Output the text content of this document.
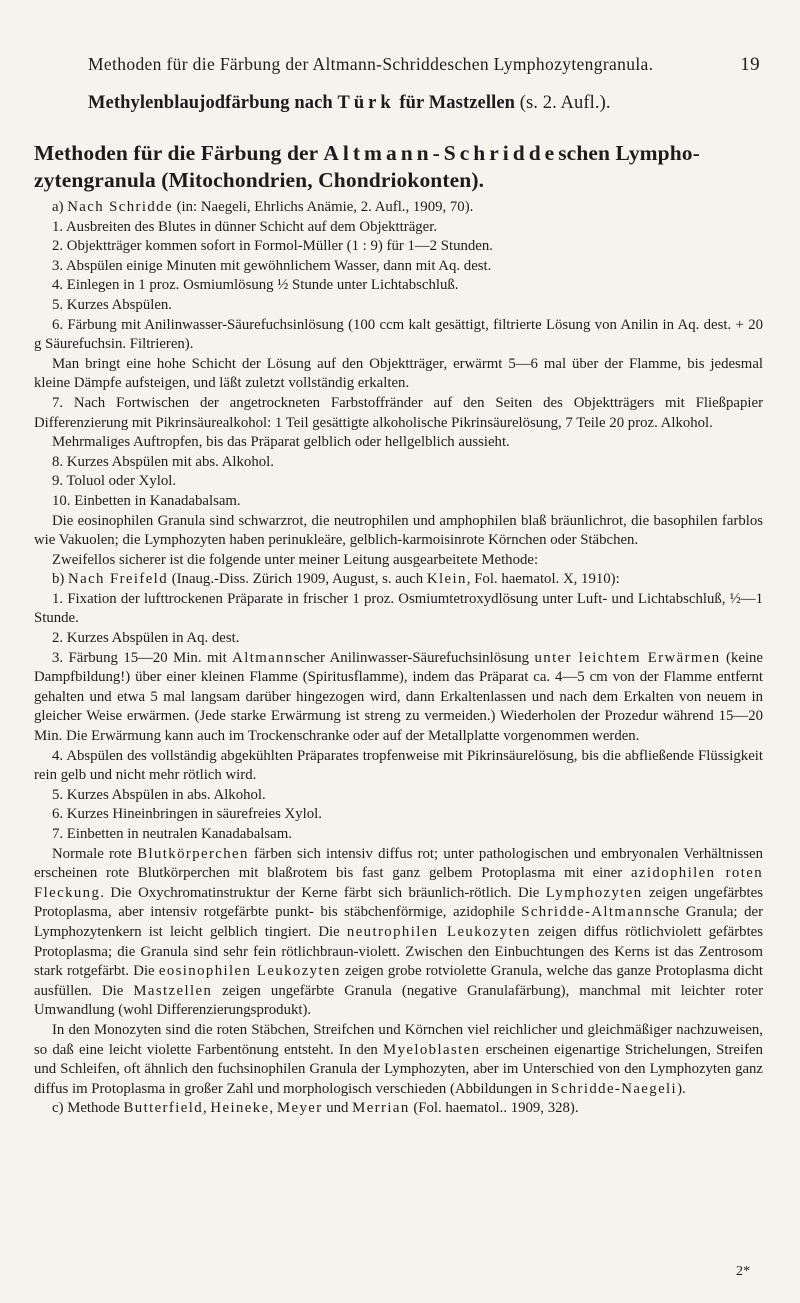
Methoden für die Färbung der Altmann-Schriddeschen Lymphozytengranula.	19
Methylenblaujodfärbung nach Türk für Mastzellen (s. 2. Aufl.).
Methoden für die Färbung der Altmann-Schriddeschen Lymphozytengranula (Mitochondrien, Chondriokonten).

a) Nach Schridde (in: Naegeli, Ehrlichs Anämie, 2. Aufl., 1909, 70).

1. Ausbreiten des Blutes in dünner Schicht auf dem Objektträger.

2. Objektträger kommen sofort in Formol-Müller (1 : 9) für 1—2 Stunden.

3. Abspülen einige Minuten mit gewöhnlichem Wasser, dann mit Aq. dest.

4. Einlegen in 1 proz. Osmiumlösung ½ Stunde unter Lichtabschluß.

5. Kurzes Abspülen.

6. Färbung mit Anilinwasser-Säurefuchsinlösung (100 ccm kalt gesättigt, filtrierte Lösung von Anilin in Aq. dest. + 20 g Säurefuchsin. Filtrieren).

Man bringt eine hohe Schicht der Lösung auf den Objektträger, erwärmt 5—6 mal über der Flamme, bis jedesmal kleine Dämpfe aufsteigen, und läßt zuletzt vollständig erkalten.

7. Nach Fortwischen der angetrockneten Farbstoffränder auf den Seiten des Objektträgers mit Fließpapier Differenzierung mit Pikrinsäurealkohol: 1 Teil gesättigte alkoholische Pikrinsäurelösung, 7 Teile 20 proz. Alkohol.

Mehrmaliges Auftropfen, bis das Präparat gelblich oder hellgelblich aussieht.

8. Kurzes Abspülen mit abs. Alkohol.

9. Toluol oder Xylol.

10. Einbetten in Kanadabalsam.

Die eosinophilen Granula sind schwarzrot, die neutrophilen und amphophilen blaß bräunlichrot, die basophilen farblos wie Vakuolen; die Lymphozyten haben perinukleäre, gelblich-karmoisinrote Körnchen oder Stäbchen.

Zweifellos sicherer ist die folgende unter meiner Leitung ausgearbeitete Methode:

b) Nach Freifeld (Inaug.-Diss. Zürich 1909, August, s. auch Klein, Fol. haematol. X, 1910):

1. Fixation der lufttrockenen Präparate in frischer 1 proz. Osmiumtetroxydlösung unter Luft- und Lichtabschluß, ½—1 Stunde.

2. Kurzes Abspülen in Aq. dest.

3. Färbung 15—20 Min. mit Altmannscher Anilinwasser-Säurefuchsinlösung unter leichtem Erwärmen (keine Dampfbildung!) über einer kleinen Flamme (Spiritusflamme), indem das Präparat ca. 4—5 cm von der Flamme entfernt gehalten und etwa 5 mal langsam darüber hingezogen wird, dann Erkaltenlassen und nach dem Erkalten von neuem in gleicher Weise erwärmen. (Jede starke Erwärmung ist streng zu vermeiden.) Wiederholen der Prozedur während 15—20 Min. Die Erwärmung kann auch im Trockenschranke oder auf der Metallplatte vorgenommen werden.

4. Abspülen des vollständig abgekühlten Präparates tropfenweise mit Pikrinsäurelösung, bis die abfließende Flüssigkeit rein gelb und nicht mehr rötlich wird.

5. Kurzes Abspülen in abs. Alkohol.

6. Kurzes Hineinbringen in säurefreies Xylol.

7. Einbetten in neutralen Kanadabalsam.

Normale rote Blutkörperchen färben sich intensiv diffus rot; unter pathologischen und embryonalen Verhältnissen erscheinen rote Blutkörperchen mit blaßrotem bis fast ganz gelbem Protoplasma mit einer azidophilen roten Fleckung. Die Oxychromatinstruktur der Kerne färbt sich bräunlich-rötlich. Die Lymphozyten zeigen ungefärbtes Protoplasma, aber intensiv rotgefärbte punkt- bis stäbchenförmige, azidophile Schridde-Altmannsche Granula; der Lymphozytenkern ist leicht gelblich tingiert. Die neutrophilen Leukozyten zeigen diffus rötlichviolett gefärbtes Protoplasma; die Granula sind sehr fein rötlichbraun-violett. Zwischen den Einbuchtungen des Kerns ist das Zentrosom stark rotgefärbt. Die eosinophilen Leukozyten zeigen grobe rotviolette Granula, welche das ganze Protoplasma dicht ausfüllen. Die Mastzellen zeigen ungefärbte Granula (negative Granulafärbung), manchmal mit leichter roter Umwandlung (wohl Differenzierungsprodukt).

In den Monozyten sind die roten Stäbchen, Streifchen und Körnchen viel reichlicher und gleichmäßiger nachzuweisen, so daß eine leicht violette Farbentönung entsteht. In den Myeloblasten erscheinen eigenartige Strichelungen, Streifen und Schleifen, oft ähnlich den fuchsinophilen Granula der Lymphozyten, aber im Unterschied von den Lymphozyten ganz diffus im Protoplasma in großer Zahl und morphologisch verschieden (Abbildungen in Schridde-Naegeli).

c) Methode Butterfield, Heineke, Meyer und Merrian (Fol. haematol.. 1909, 328).

2*
